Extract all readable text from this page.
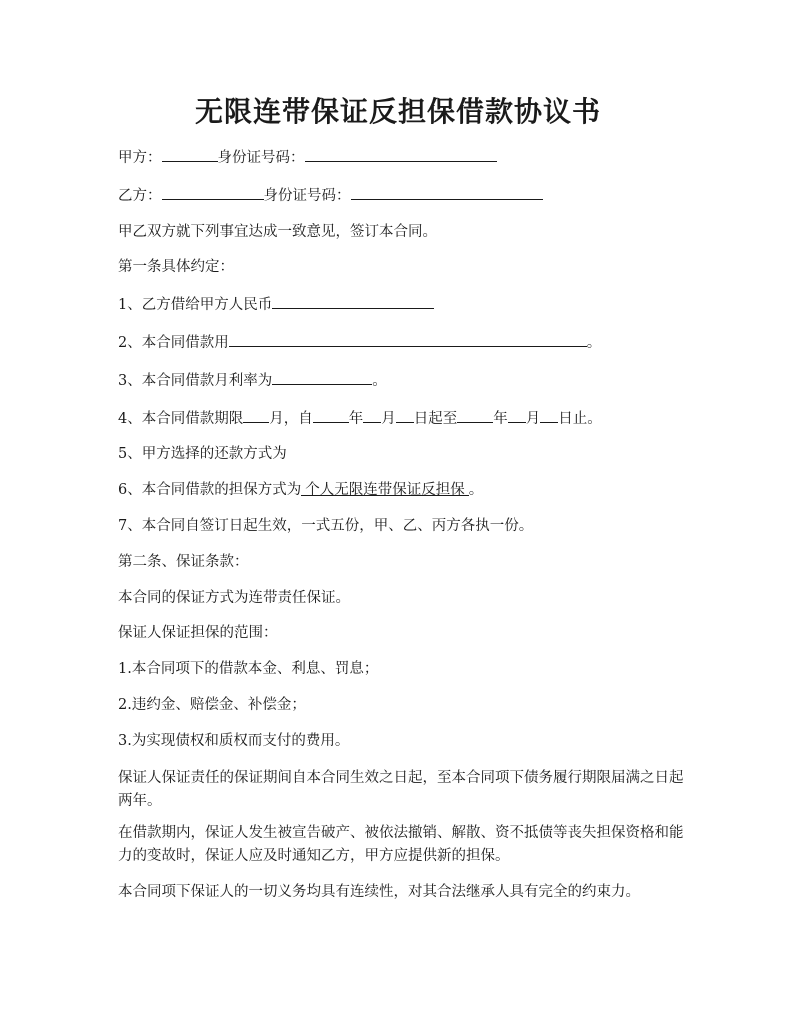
无限连带保证反担保借款协议书

甲方：	身份证号码：

乙方：	身份证号码：

甲乙双方就下列事宜达成一致意见，签订本合同。

第一条具体约定：

1、乙方借给甲方人民币

2、本合同借款用	。

3、本合同借款月利率为	。

4、本合同借款期限 月，自 年 月 日起至 年 月 日止。

5、甲方选择的还款方式为

6、本合同借款的担保方式为 个人无限连带保证反担保 。

7、本合同自签订日起生效，一式五份，甲、乙、丙方各执一份。

第二条、保证条款：

本合同的保证方式为连带责任保证。

保证人保证担保的范围：

1.本合同项下的借款本金、利息、罚息；

2.违约金、赔偿金、补偿金；

3.为实现债权和质权而支付的费用。

保证人保证责任的保证期间自本合同生效之日起，至本合同项下债务履行期限届满之日起两年。

在借款期内，保证人发生被宣告破产、被依法撤销、解散、资不抵债等丧失担保资格和能力的变故时，保证人应及时通知乙方，甲方应提供新的担保。

本合同项下保证人的一切义务均具有连续性，对其合法继承人具有完全的约束力。
